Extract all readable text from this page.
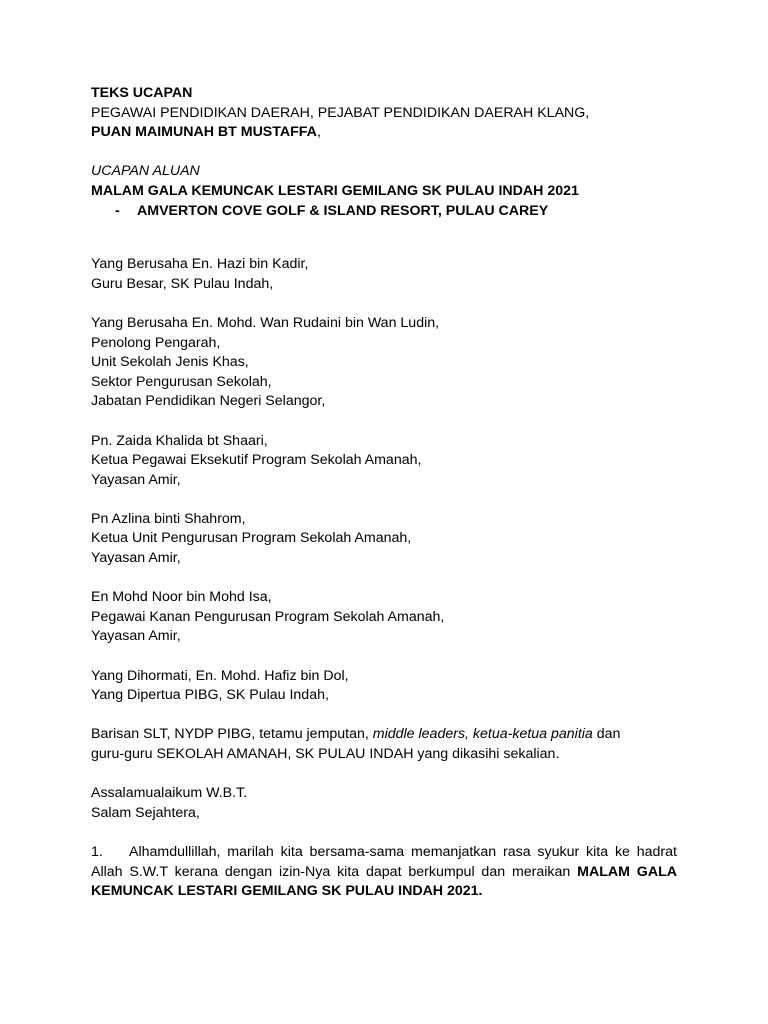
TEKS UCAPAN
PEGAWAI PENDIDIKAN DAERAH, PEJABAT PENDIDIKAN DAERAH KLANG,
PUAN MAIMUNAH BT MUSTAFFA,
UCAPAN ALUAN
MALAM GALA KEMUNCAK LESTARI GEMILANG SK PULAU INDAH 2021
-	AMVERTON COVE GOLF & ISLAND RESORT, PULAU CAREY
Yang Berusaha En. Hazi bin Kadir,
Guru Besar, SK Pulau Indah,
Yang Berusaha En. Mohd. Wan Rudaini bin Wan Ludin,
Penolong Pengarah,
Unit Sekolah Jenis Khas,
Sektor Pengurusan Sekolah,
Jabatan Pendidikan Negeri Selangor,
Pn. Zaida Khalida bt Shaari,
Ketua Pegawai Eksekutif Program Sekolah Amanah,
Yayasan Amir,
Pn Azlina binti Shahrom,
Ketua Unit Pengurusan Program Sekolah Amanah,
Yayasan Amir,
En Mohd Noor bin Mohd Isa,
Pegawai Kanan Pengurusan Program Sekolah Amanah,
Yayasan Amir,
Yang Dihormati, En. Mohd. Hafiz bin Dol,
Yang Dipertua PIBG, SK Pulau Indah,
Barisan SLT, NYDP PIBG, tetamu jemputan, middle leaders, ketua-ketua panitia dan
guru-guru SEKOLAH AMANAH, SK PULAU INDAH yang dikasihi sekalian.
Assalamualaikum W.B.T.
Salam Sejahtera,
1. Alhamdullillah, marilah kita bersama-sama memanjatkan rasa syukur kita ke hadrat Allah S.W.T kerana dengan izin-Nya kita dapat berkumpul dan meraikan MALAM GALA KEMUNCAK LESTARI GEMILANG SK PULAU INDAH 2021.
